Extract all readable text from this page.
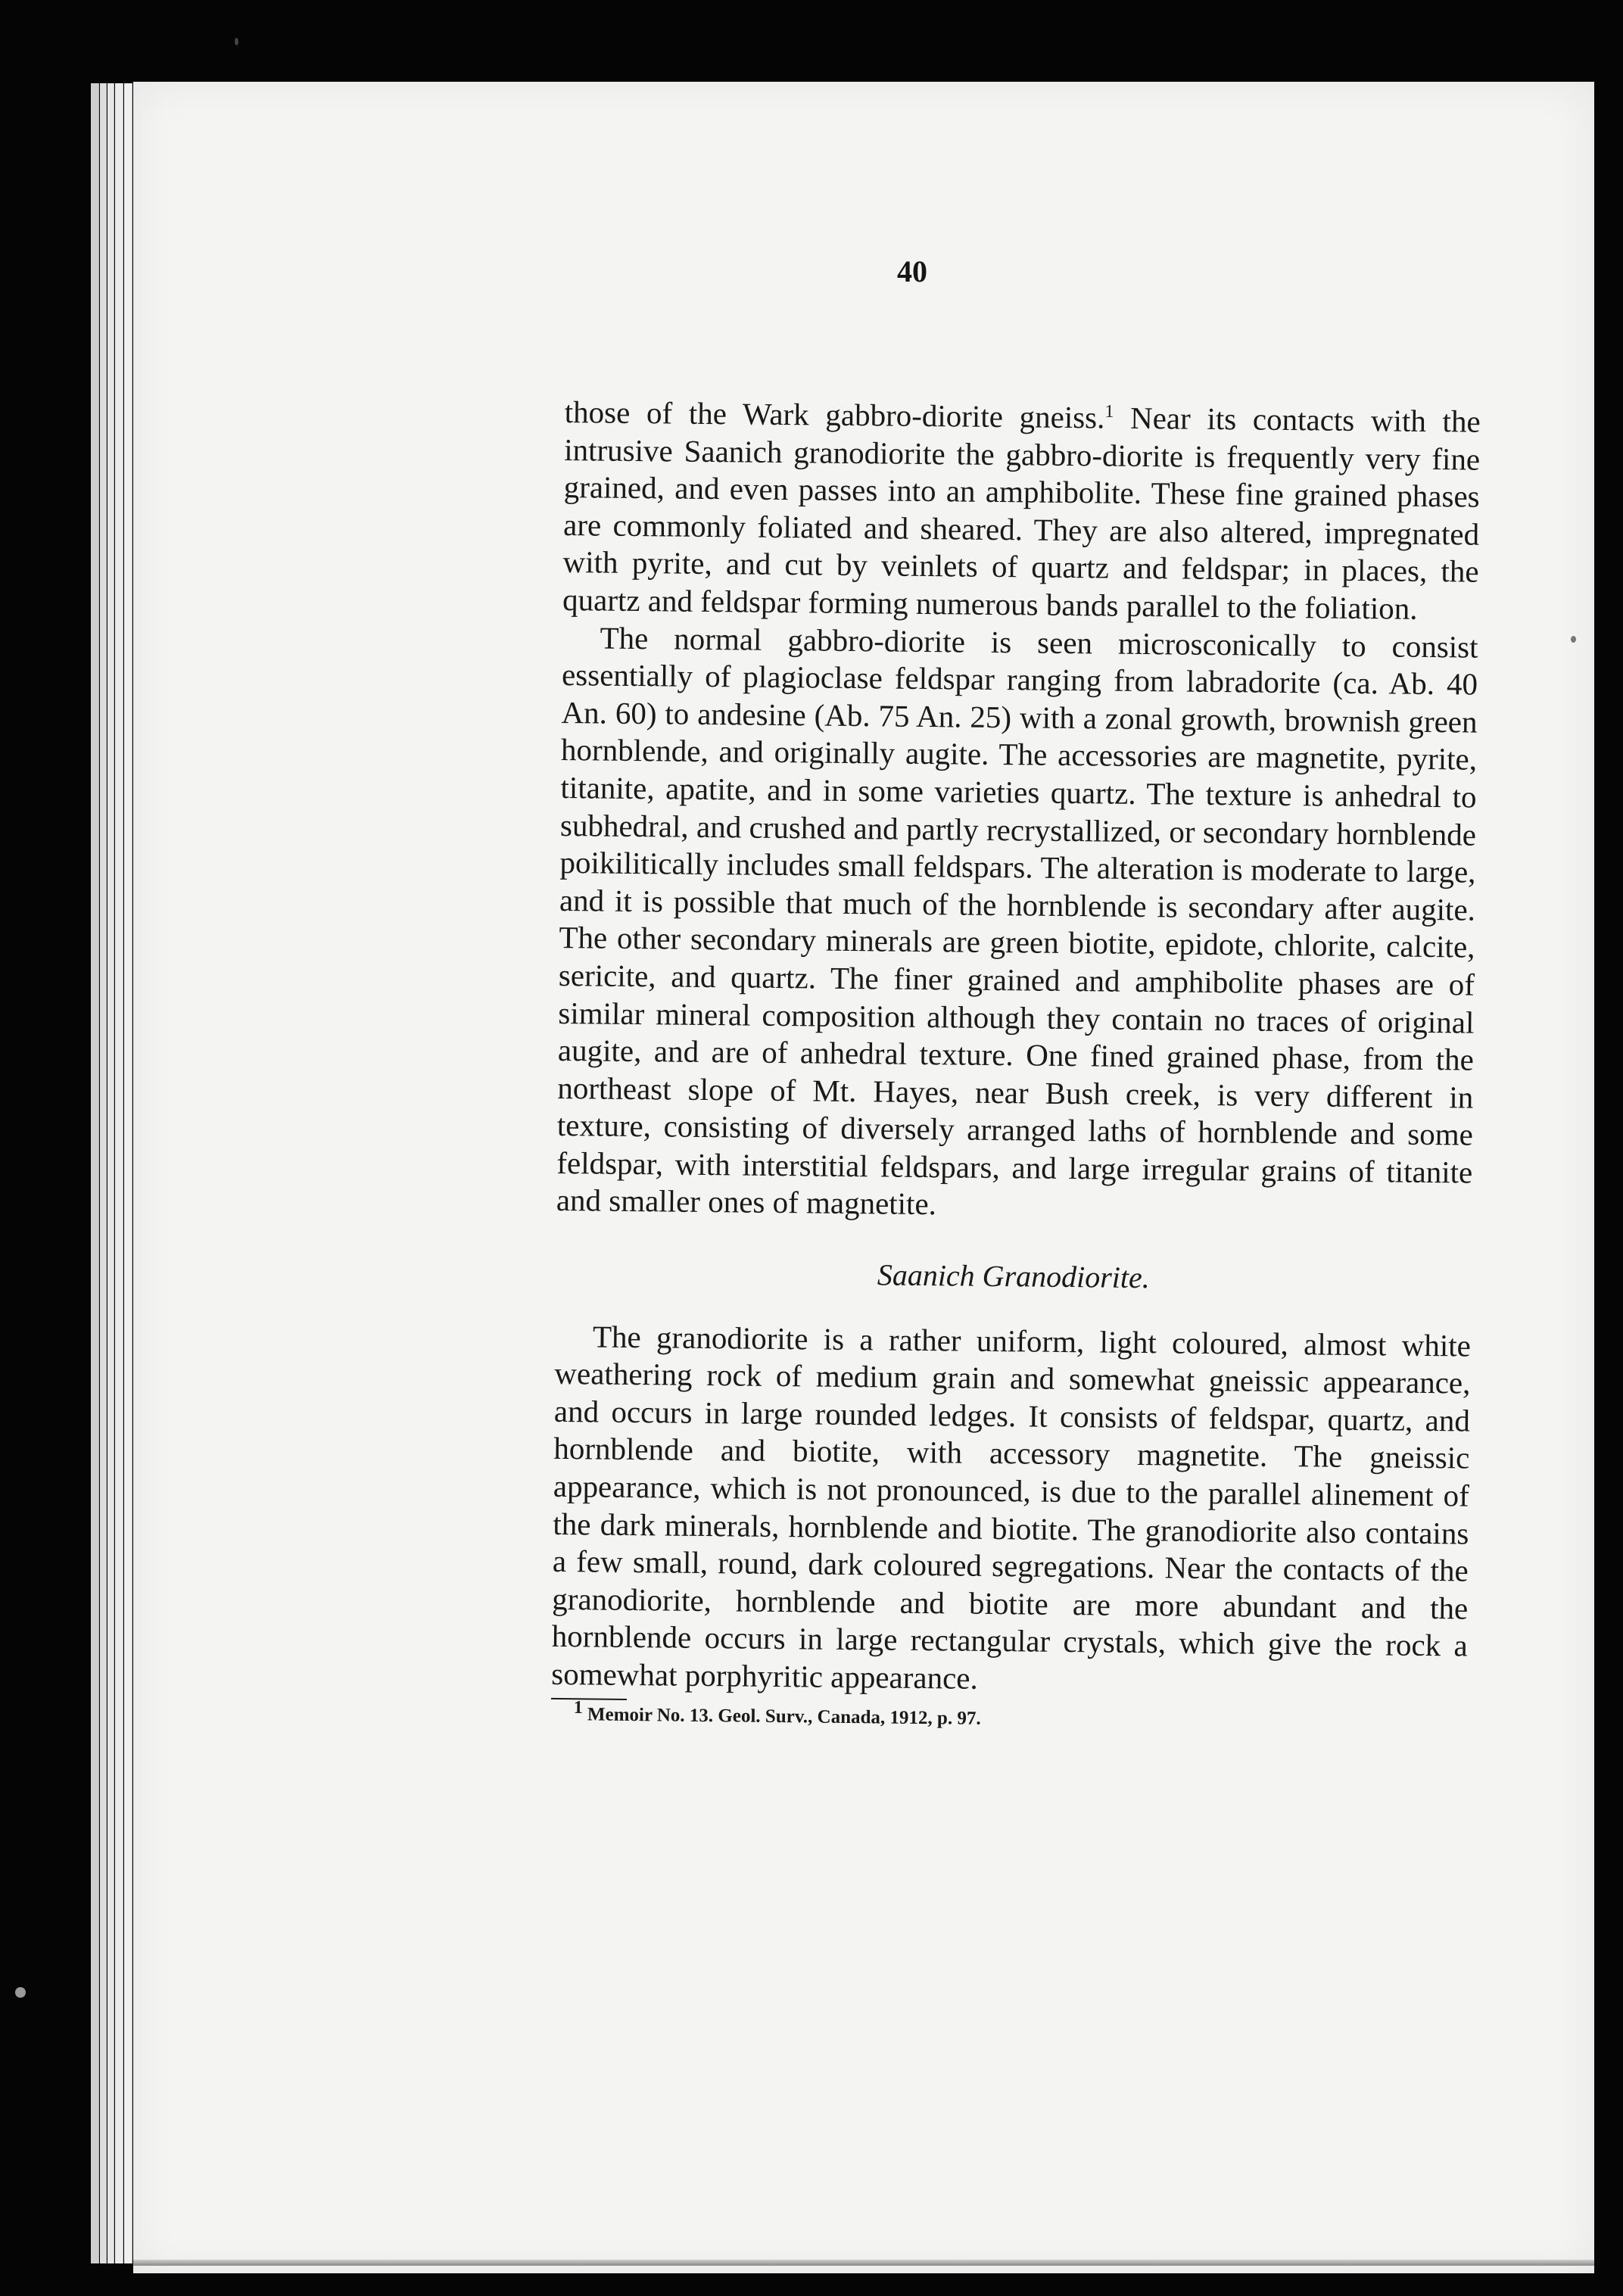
40

those of the Wark gabbro-diorite gneiss.$^1$ Near its contacts with the intrusive Saanich granodiorite the gabbro-diorite is frequently very fine grained, and even passes into an amphibolite. These fine grained phases are commonly foliated and sheared. They are also altered, impregnated with pyrite, and cut by veinlets of quartz and feldspar; in places, the quartz and feldspar forming numerous bands parallel to the foliation.

The normal gabbro-diorite is seen microsconically to consist essentially of plagioclase feldspar ranging from labradorite (ca. Ab. 40 An. 60) to andesine (Ab. 75 An. 25) with a zonal growth, brownish green hornblende, and originally augite. The accessories are magnetite, pyrite, titanite, apatite, and in some varieties quartz. The texture is anhedral to subhedral, and crushed and partly recrystallized, or secondary hornblende poikilitically includes small feldspars. The alteration is moderate to large, and it is possible that much of the hornblende is secondary after augite. The other secondary minerals are green biotite, epidote, chlorite, calcite, sericite, and quartz. The finer grained and amphibolite phases are of similar mineral composition although they contain no traces of original augite, and are of anhedral texture. One fined grained phase, from the northeast slope of Mt. Hayes, near Bush creek, is very different in texture, consisting of diversely arranged laths of hornblende and some feldspar, with interstitial feldspars, and large irregular grains of titanite and smaller ones of magnetite.

Saanich Granodiorite.

The granodiorite is a rather uniform, light coloured, almost white weathering rock of medium grain and somewhat gneissic appearance, and occurs in large rounded ledges. It consists of feldspar, quartz, and hornblende and biotite, with accessory magnetite. The gneissic appearance, which is not pronounced, is due to the parallel alinement of the dark minerals, hornblende and biotite. The granodiorite also contains a few small, round, dark coloured segregations. Near the contacts of the granodiorite, hornblende and biotite are more abundant and the hornblende occurs in large rectangular crystals, which give the rock a somewhat porphyritic appearance.

$^1$ Memoir No. 13. Geol. Surv., Canada, 1912, p. 97.
